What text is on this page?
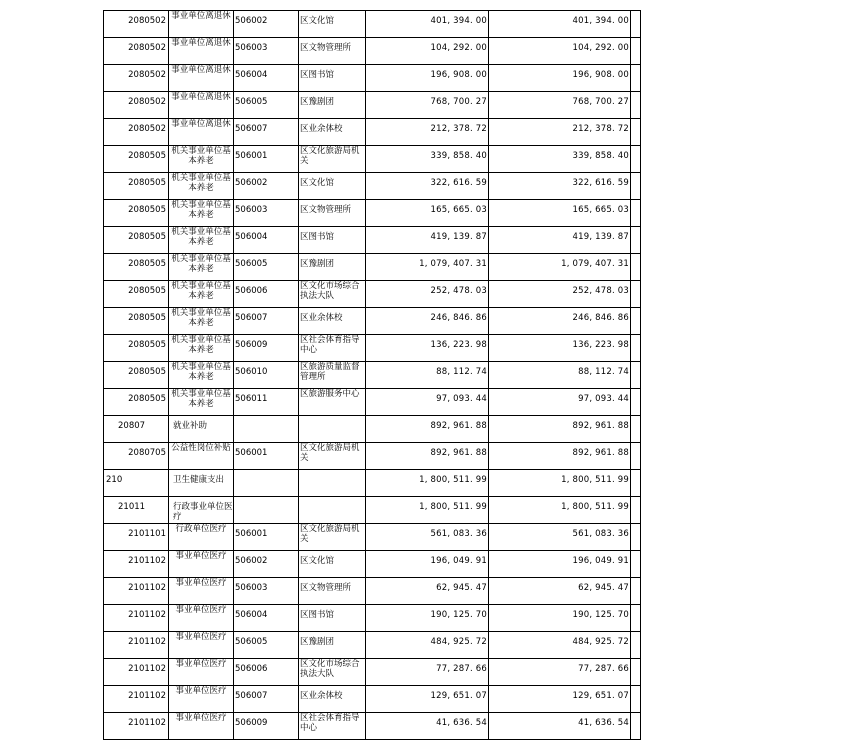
2080502	事业单位离退休	506002	区文化馆	401, 394. 00	401, 394. 00	

2080502	事业单位离退休	506003	区文物管理所	104, 292. 00	104, 292. 00	

2080502	事业单位离退休	506004	区图书馆	196, 908. 00	196, 908. 00	

2080502	事业单位离退休	506005	区豫剧团	768, 700. 27	768, 700. 27	

2080502	事业单位离退休	506007	区业余体校	212, 378. 72	212, 378. 72	

2080505	机关事业单位基本养老	506001	区文化旅游局机关	339, 858. 40	339, 858. 40	

2080505	机关事业单位基本养老	506002	区文化馆	322, 616. 59	322, 616. 59	

2080505	机关事业单位基本养老	506003	区文物管理所	165, 665. 03	165, 665. 03	

2080505	机关事业单位基本养老	506004	区图书馆	419, 139. 87	419, 139. 87	

2080505	机关事业单位基本养老	506005	区豫剧团	1, 079, 407. 31	1, 079, 407. 31	

2080505	机关事业单位基本养老	506006	区文化市场综合执法大队	252, 478. 03	252, 478. 03	

2080505	机关事业单位基本养老	506007	区业余体校	246, 846. 86	246, 846. 86	

2080505	机关事业单位基本养老	506009	区社会体育指导中心	136, 223. 98	136, 223. 98	

2080505	机关事业单位基本养老	506010	区旅游质量监督管理所	88, 112. 74	88, 112. 74	

2080505	机关事业单位基本养老	506011	区旅游服务中心	97, 093. 44	97, 093. 44	

20807	就业补助			892, 961. 88	892, 961. 88	

2080705	公益性岗位补贴	506001	区文化旅游局机关	892, 961. 88	892, 961. 88	

210	卫生健康支出			1, 800, 511. 99	1, 800, 511. 99	

21011	行政事业单位医疗			1, 800, 511. 99	1, 800, 511. 99	

2101101	行政单位医疗	506001	区文化旅游局机关	561, 083. 36	561, 083. 36	

2101102	事业单位医疗	506002	区文化馆	196, 049. 91	196, 049. 91	

2101102	事业单位医疗	506003	区文物管理所	62, 945. 47	62, 945. 47	

2101102	事业单位医疗	506004	区图书馆	190, 125. 70	190, 125. 70	

2101102	事业单位医疗	506005	区豫剧团	484, 925. 72	484, 925. 72	

2101102	事业单位医疗	506006	区文化市场综合执法大队	77, 287. 66	77, 287. 66	

2101102	事业单位医疗	506007	区业余体校	129, 651. 07	129, 651. 07	

2101102	事业单位医疗	506009	区社会体育指导中心	41, 636. 54	41, 636. 54	
